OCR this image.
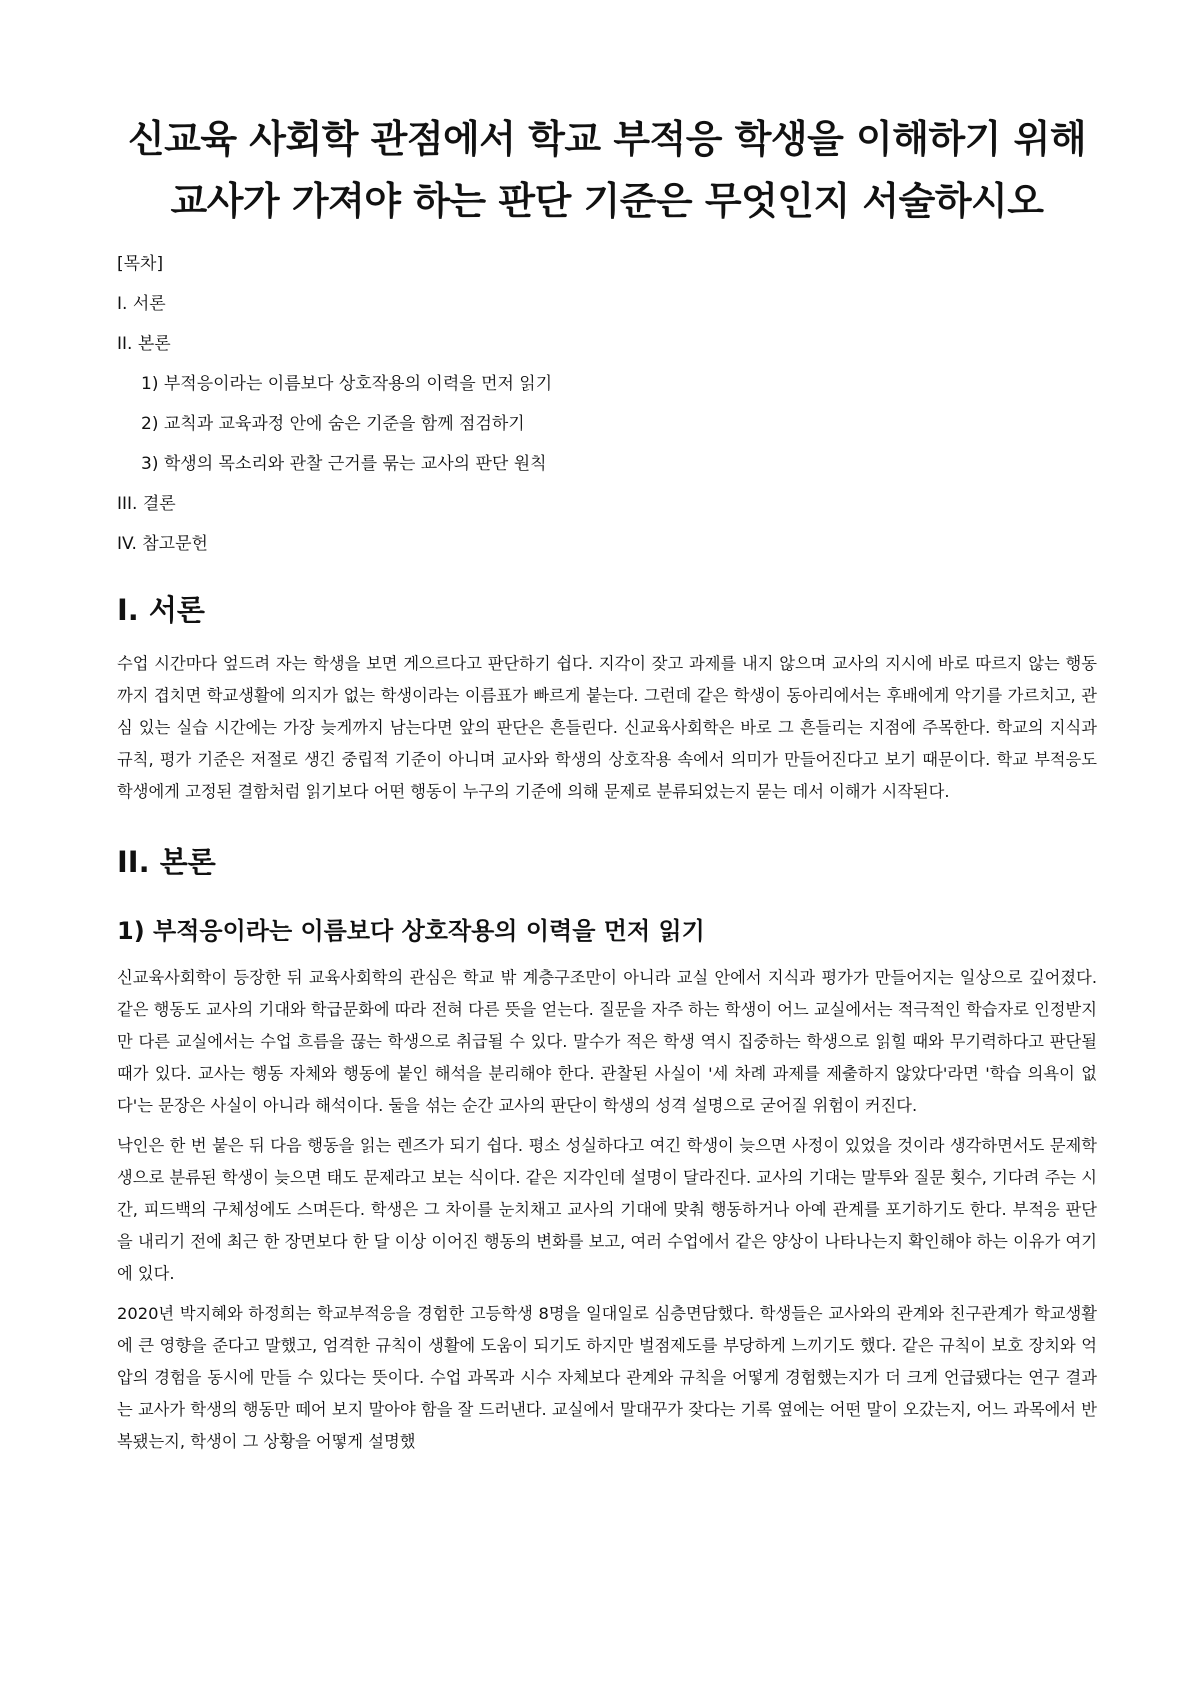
신교육 사회학 관점에서 학교 부적응 학생을 이해하기 위해 교사가 가져야 하는 판단 기준은 무엇인지 서술하시오
[목차]
I. 서론
II. 본론
1) 부적응이라는 이름보다 상호작용의 이력을 먼저 읽기
2) 교칙과 교육과정 안에 숨은 기준을 함께 점검하기
3) 학생의 목소리와 관찰 근거를 묶는 교사의 판단 원칙
III. 결론
IV. 참고문헌
I. 서론

수업 시간마다 엎드려 자는 학생을 보면 게으르다고 판단하기 쉽다. 지각이 잦고 과제를 내지 않으며 교사의 지시에 바로 따르지 않는 행동까지 겹치면 학교생활에 의지가 없는 학생이라는 이름표가 빠르게 붙는다. 그런데 같은 학생이 동아리에서는 후배에게 악기를 가르치고, 관심 있는 실습 시간에는 가장 늦게까지 남는다면 앞의 판단은 흔들린다. 신교육사회학은 바로 그 흔들리는 지점에 주목한다. 학교의 지식과 규칙, 평가 기준은 저절로 생긴 중립적 기준이 아니며 교사와 학생의 상호작용 속에서 의미가 만들어진다고 보기 때문이다. 학교 부적응도 학생에게 고정된 결함처럼 읽기보다 어떤 행동이 누구의 기준에 의해 문제로 분류되었는지 묻는 데서 이해가 시작된다.

II. 본론
1) 부적응이라는 이름보다 상호작용의 이력을 먼저 읽기

신교육사회학이 등장한 뒤 교육사회학의 관심은 학교 밖 계층구조만이 아니라 교실 안에서 지식과 평가가 만들어지는 일상으로 깊어졌다. 같은 행동도 교사의 기대와 학급문화에 따라 전혀 다른 뜻을 얻는다. 질문을 자주 하는 학생이 어느 교실에서는 적극적인 학습자로 인정받지만 다른 교실에서는 수업 흐름을 끊는 학생으로 취급될 수 있다. 말수가 적은 학생 역시 집중하는 학생으로 읽힐 때와 무기력하다고 판단될 때가 있다. 교사는 행동 자체와 행동에 붙인 해석을 분리해야 한다. 관찰된 사실이 '세 차례 과제를 제출하지 않았다'라면 '학습 의욕이 없다'는 문장은 사실이 아니라 해석이다. 둘을 섞는 순간 교사의 판단이 학생의 성격 설명으로 굳어질 위험이 커진다.

낙인은 한 번 붙은 뒤 다음 행동을 읽는 렌즈가 되기 쉽다. 평소 성실하다고 여긴 학생이 늦으면 사정이 있었을 것이라 생각하면서도 문제학생으로 분류된 학생이 늦으면 태도 문제라고 보는 식이다. 같은 지각인데 설명이 달라진다. 교사의 기대는 말투와 질문 횟수, 기다려 주는 시간, 피드백의 구체성에도 스며든다. 학생은 그 차이를 눈치채고 교사의 기대에 맞춰 행동하거나 아예 관계를 포기하기도 한다. 부적응 판단을 내리기 전에 최근 한 장면보다 한 달 이상 이어진 행동의 변화를 보고, 여러 수업에서 같은 양상이 나타나는지 확인해야 하는 이유가 여기에 있다.

2020년 박지혜와 하정희는 학교부적응을 경험한 고등학생 8명을 일대일로 심층면담했다. 학생들은 교사와의 관계와 친구관계가 학교생활에 큰 영향을 준다고 말했고, 엄격한 규칙이 생활에 도움이 되기도 하지만 벌점제도를 부당하게 느끼기도 했다. 같은 규칙이 보호 장치와 억압의 경험을 동시에 만들 수 있다는 뜻이다. 수업 과목과 시수 자체보다 관계와 규칙을 어떻게 경험했는지가 더 크게 언급됐다는 연구 결과는 교사가 학생의 행동만 떼어 보지 말아야 함을 잘 드러낸다. 교실에서 말대꾸가 잦다는 기록 옆에는 어떤 말이 오갔는지, 어느 과목에서 반복됐는지, 학생이 그 상황을 어떻게 설명했
